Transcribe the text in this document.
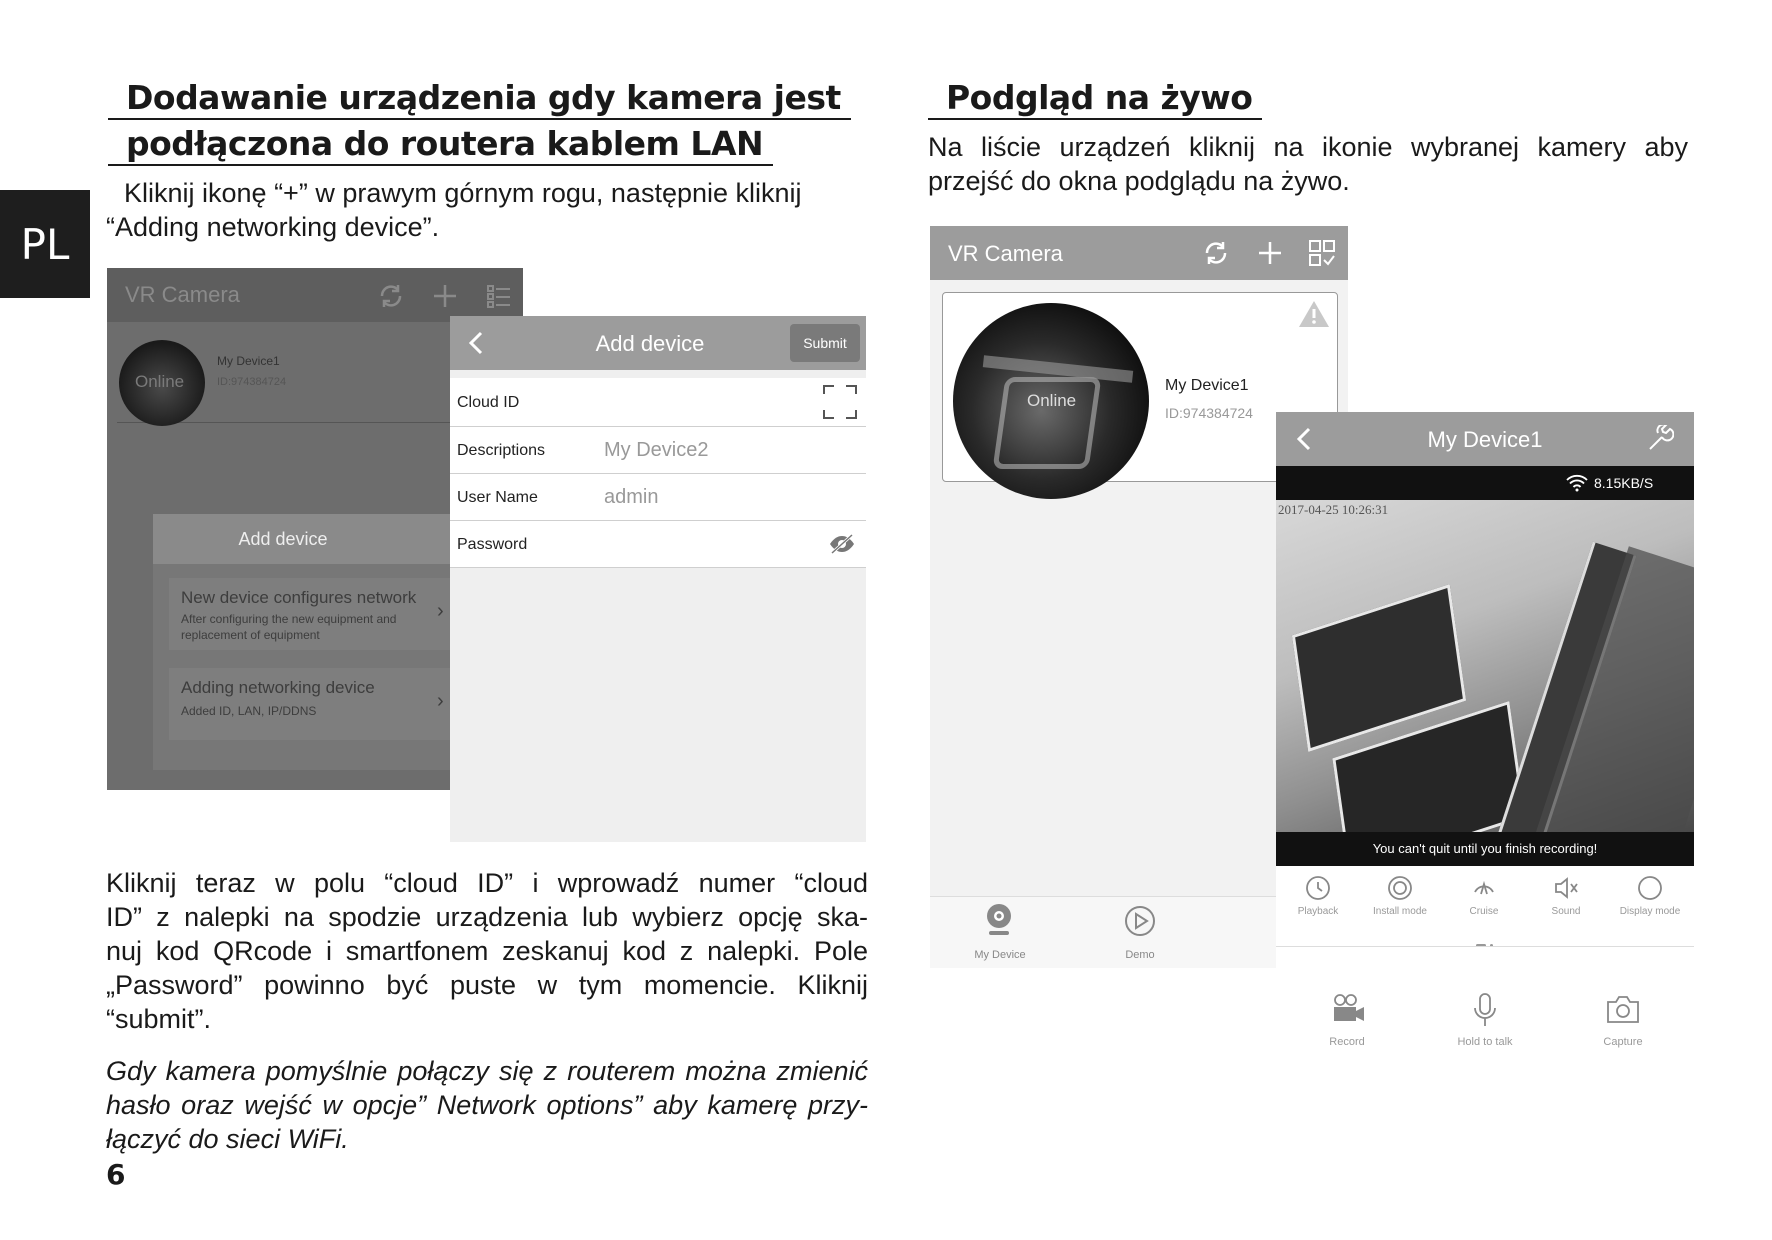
PL
6
Dodawanie urządzenia gdy kamera jest
podłączona do routera kablem LAN
Kliknij ikonę “+” w prawym górnym rogu, następnie kliknij
“Adding networking device”.
Kliknij teraz w polu “cloud ID” i wprowadź numer “cloud
ID” z nalepki na spodzie urządzenia lub wybierz opcję ska-
nuj kod QRcode i smartfonem zeskanuj kod z nalepki. Pole
„Password” powinno być puste w tym momencie. Kliknij
“submit”.
Gdy kamera pomyślnie połączy się z routerem można zmienić
hasło oraz wejść w opcje” Network options” aby kamerę przy-
łączyć do sieci WiFi.
Podgląd na żywo
Na liście urządzeń kliknij na ikonie wybranej kamery aby
przejść do okna podglądu na żywo.
VR Camera
Online
My Device1
ID:974384724
Add device
New device configures network
After configuring the new equipment and
replacement of equipment
›
Adding networking device
Added ID, LAN, IP/DDNS	›
Add device	Submit
Cloud ID
Descriptions	My Device2
User Name	admin
Password
VR Camera
Online
My Device1
ID:974384724
My Device	Demo
My Device1
8.15KB/S
2017-04-25 10:26:31
You can't quit until you finish recording!
Playback	Install mode	Cruise	Sound	Display mode

Record	Hold to talk	Capture
